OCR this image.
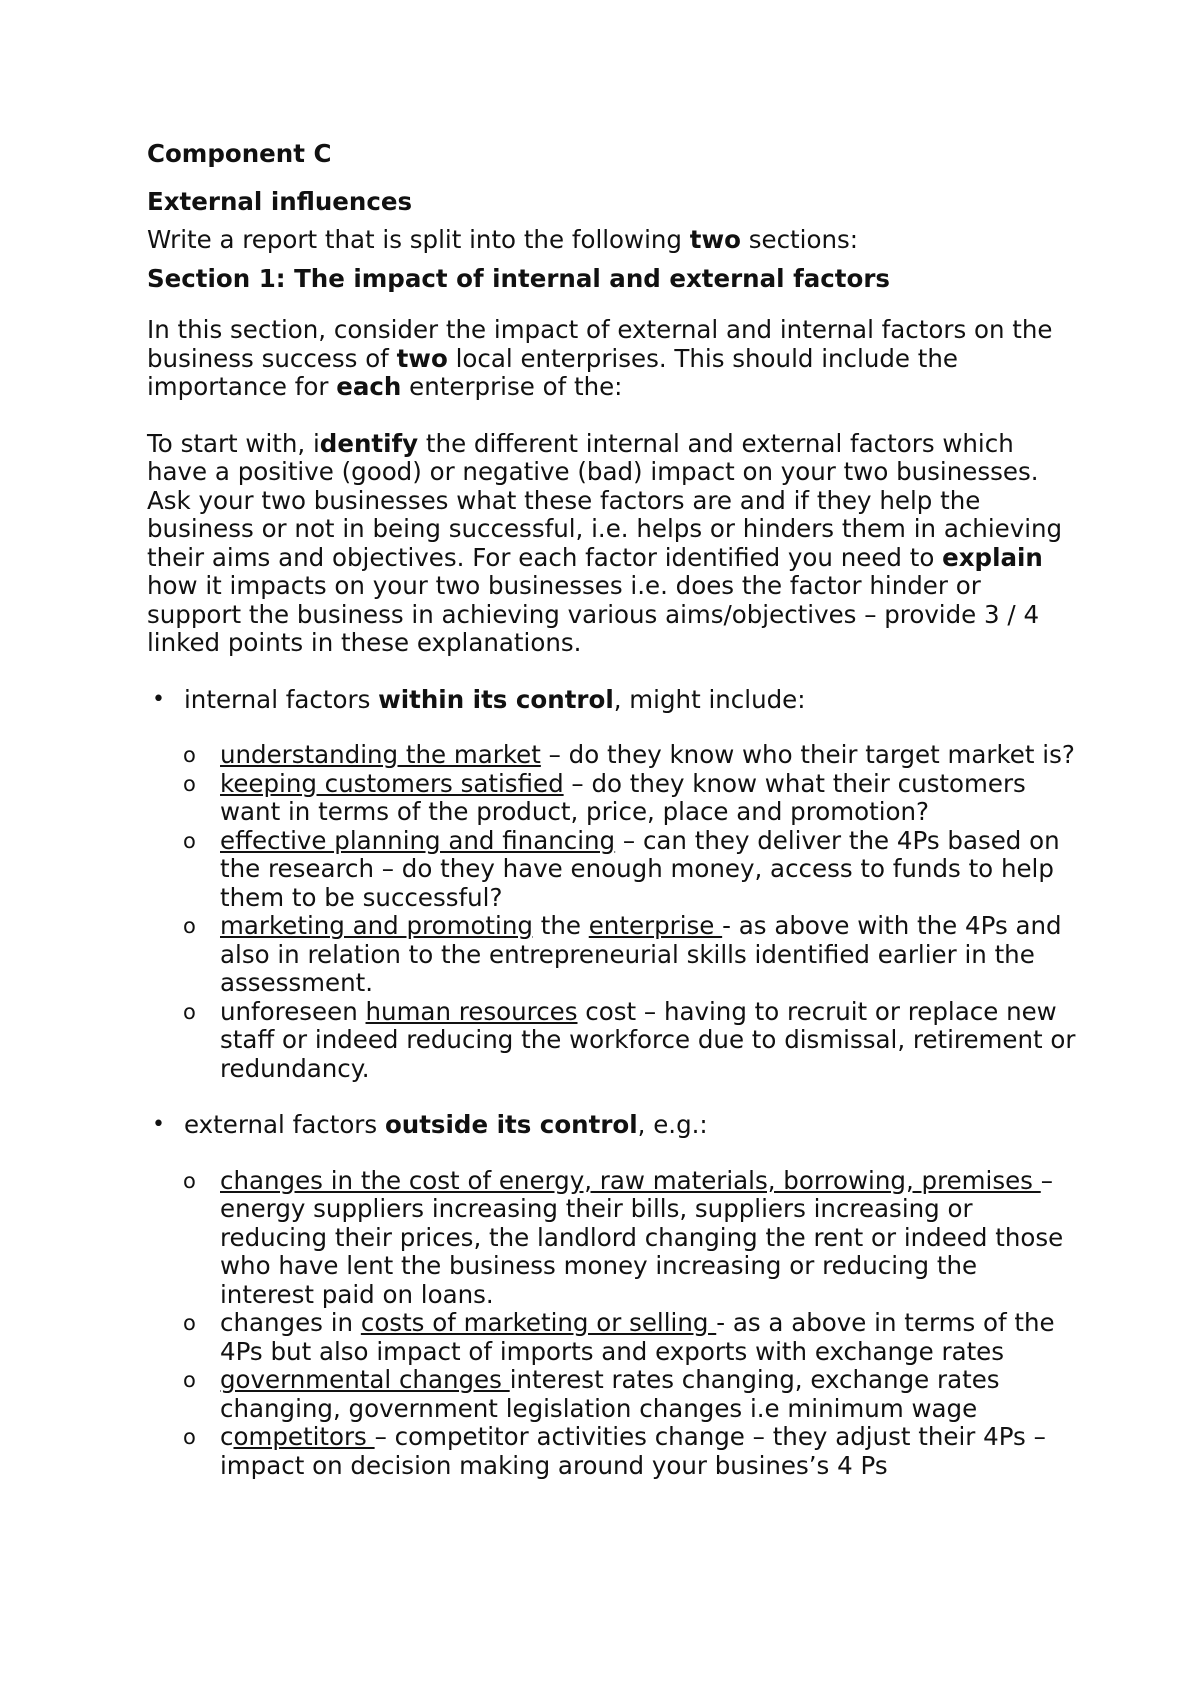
Component C

External influences

Write a report that is split into the following two sections:

Section 1: The impact of internal and external factors

In this section, consider the impact of external and internal factors on the business success of two local enterprises. This should include the importance for each enterprise of the:

To start with, identify the different internal and external factors which have a positive (good) or negative (bad) impact on your two businesses. Ask your two businesses what these factors are and if they help the business or not in being successful, i.e. helps or hinders them in achieving their aims and objectives. For each factor identified you need to explain how it impacts on your two businesses i.e. does the factor hinder or support the business in achieving various aims/objectives – provide 3 / 4 linked points in these explanations.

• internal factors within its control, might include:

o understanding the market – do they know who their target market is?
o keeping customers satisfied – do they know what their customers want in terms of the product, price, place and promotion?
o effective planning and financing – can they deliver the 4Ps based on the research – do they have enough money, access to funds to help them to be successful?
o marketing and promoting the enterprise - as above with the 4Ps and also in relation to the entrepreneurial skills identified earlier in the assessment.
o unforeseen human resources cost – having to recruit or replace new staff or indeed reducing the workforce due to dismissal, retirement or redundancy.
• external factors outside its control, e.g.:

o changes in the cost of energy, raw materials, borrowing, premises – energy suppliers increasing their bills, suppliers increasing or reducing their prices, the landlord changing the rent or indeed those who have lent the business money increasing or reducing the interest paid on loans.
o changes in costs of marketing or selling - as a above in terms of the 4Ps but also impact of imports and exports with exchange rates
o governmental changes interest rates changing, exchange rates changing, government legislation changes i.e minimum wage
o competitors – competitor activities change – they adjust their 4Ps – impact on decision making around your busines’s 4 Ps
